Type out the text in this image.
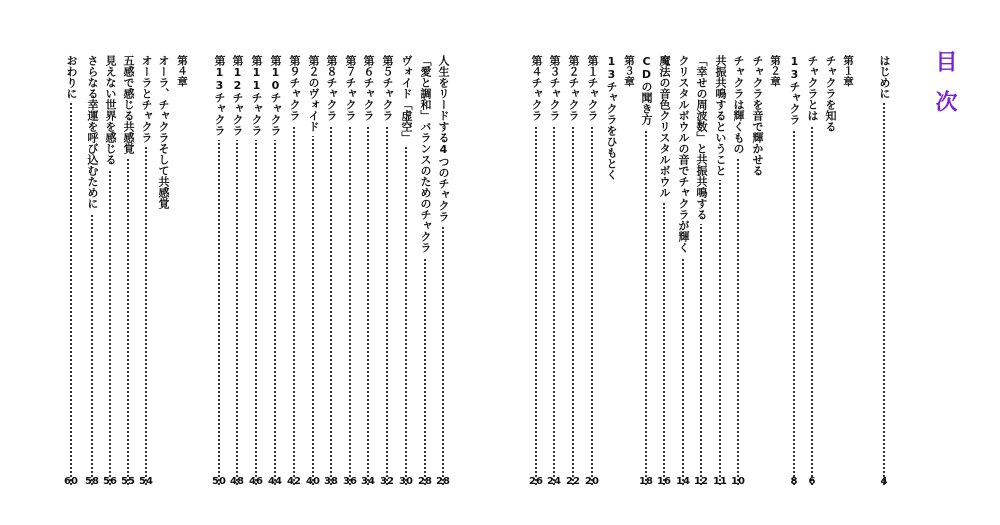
目次
はじめに
4
第１章
チャクラを知る
チャクラとは
6
13チャクラ
8
第２章
チャクラを音で輝かせる
チャクラは輝くもの
10
共振共鳴するということ
11
「幸せの周波数」と共振共鳴する
12
クリスタルボウルの音でチャクラが輝く
14
魔法の音色クリスタルボウル
16
CDの聞き方
18
第３章
13チャクラをひもとく
第１チャクラ
20
第２チャクラ
22
第３チャクラ
24
第４チャクラ
26
人生をリードする4つのチャクラ
28
「愛と調和」バランスのためのチャクラ
28
ヴォイド「虚空」
30
第５チャクラ
32
第６チャクラ
34
第７チャクラ
36
第８チャクラ
38
第２のヴォイド
40
第９チャクラ
42
第10チャクラ
44
第11チャクラ
46
第12チャクラ
48
第13チャクラ
50
第４章
オーラ、チャクラそして共感覚
オーラとチャクラ
54
五感で感じる共感覚
55
見えない世界を感じる
56
さらなる幸運を呼び込むために
58
おわりに
60
